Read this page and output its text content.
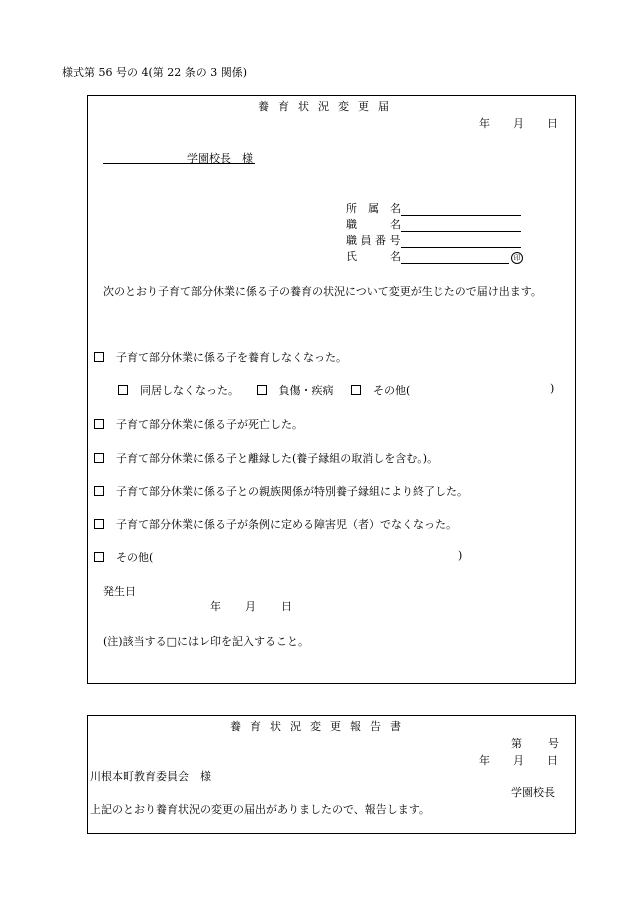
様式第 56 号の 4(第 22 条の 3 関係)
養育状況変更届
年 月 日
学園校長　様
所　属　名
職　　　名
職 員 番 号
氏　　　名	印
次のとおり子育て部分休業に係る子の養育の状況について変更が生じたので届け出ます。
子育て部分休業に係る子を養育しなくなった。
同居しなくなった。	負傷・疾病	その他(	)
子育て部分休業に係る子が死亡した。
子育て部分休業に係る子と離縁した(養子縁組の取消しを含む。)。
子育て部分休業に係る子との親族関係が特別養子縁組により終了した。
子育て部分休業に係る子が条例に定める障害児（者）でなくなった。
その他(	)
発生日
年 月 日
(注)該当する□にはレ印を記入すること。
養育状況変更報告書
第 号
年 月 日
川根本町教育委員会　様
学園校長
上記のとおり養育状況の変更の届出がありましたので、報告します。
